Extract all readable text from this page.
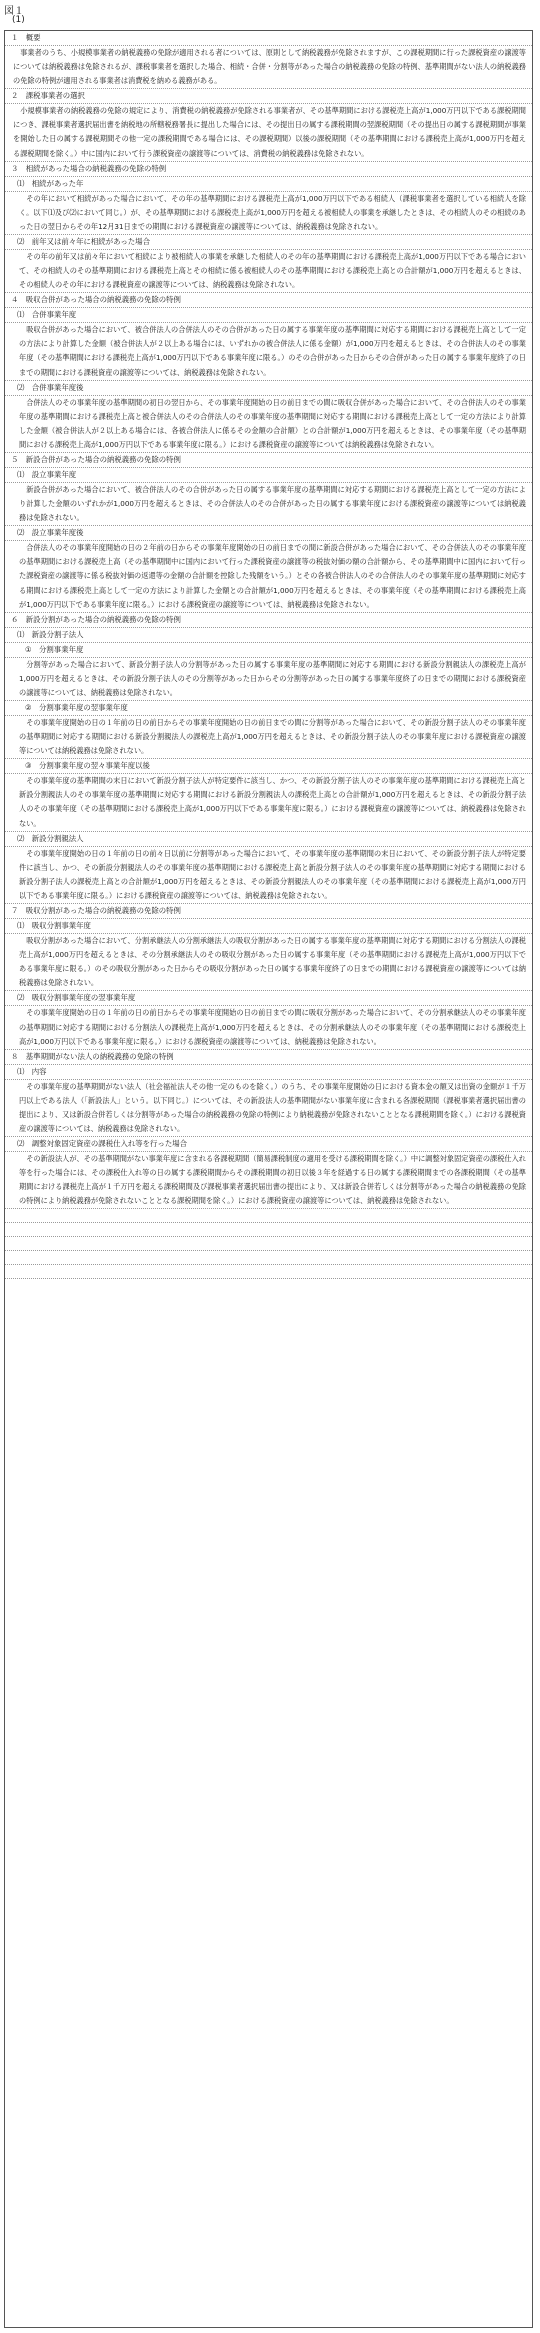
図１
(1)
１　概要
事業者のうち、小規模事業者の納税義務の免除が適用される者については、原則として納税義務が免除されますが、この課税期間に行った課税資産の譲渡等については納税義務は免除されるが、課税事業者を選択した場合、相続・合併・分割等があった場合の納税義務の免除の特例、基準期間がない法人の納税義務の免除の特例が適用される事業者は消費税を納める義務がある。
２　課税事業者の選択
小規模事業者の納税義務の免除の規定により、消費税の納税義務が免除される事業者が、その基準期間における課税売上高が1,000万円以下である課税期間につき、課税事業者選択届出書を納税地の所轄税務署長に提出した場合には、その提出日の属する課税期間の翌課税期間（その提出日の属する課税期間が事業を開始した日の属する課税期間その他一定の課税期間である場合には、その課税期間）以後の課税期間（その基準期間における課税売上高が1,000万円を超える課税期間を除く。）中に国内において行う課税資産の譲渡等については、消費税の納税義務は免除されない。
３　相続があった場合の納税義務の免除の特例
⑴　相続があった年
その年において相続があった場合において、その年の基準期間における課税売上高が1,000万円以下である相続人（課税事業者を選択している相続人を除く。以下⑴及び⑵において同じ。）が、その基準期間における課税売上高が1,000万円を超える被相続人の事業を承継したときは、その相続人のその相続のあった日の翌日からその年12月31日までの期間における課税資産の譲渡等については、納税義務は免除されない。
⑵　前年又は前々年に相続があった場合
その年の前年又は前々年において相続により被相続人の事業を承継した相続人のその年の基準期間における課税売上高が1,000万円以下である場合において、その相続人のその基準期間における課税売上高とその相続に係る被相続人のその基準期間における課税売上高との合計額が1,000万円を超えるときは、その相続人のその年における課税資産の譲渡等については、納税義務は免除されない。
４　吸収合併があった場合の納税義務の免除の特例
⑴　合併事業年度
吸収合併があった場合において、被合併法人の合併法人のその合併があった日の属する事業年度の基準期間に対応する期間における課税売上高として一定の方法により計算した金額（被合併法人が２以上ある場合には、いずれかの被合併法人に係る金額）が1,000万円を超えるときは、その合併法人のその事業年度（その基準期間における課税売上高が1,000万円以下である事業年度に限る。）のその合併があった日からその合併があった日の属する事業年度終了の日までの期間における課税資産の譲渡等については、納税義務は免除されない。
⑵　合併事業年度後
合併法人のその事業年度の基準期間の初日の翌日から、その事業年度開始の日の前日までの間に吸収合併があった場合において、その合併法人のその事業年度の基準期間における課税売上高と被合併法人のその合併法人のその事業年度の基準期間に対応する期間における課税売上高として一定の方法により計算した金額（被合併法人が２以上ある場合には、各被合併法人に係るその金額の合計額）との合計額が1,000万円を超えるときは、その事業年度（その基準期間における課税売上高が1,000万円以下である事業年度に限る。）における課税資産の譲渡等については納税義務は免除されない。
５　新設合併があった場合の納税義務の免除の特例
⑴　設立事業年度
新設合併があった場合において、被合併法人のその合併があった日の属する事業年度の基準期間に対応する期間における課税売上高として一定の方法により計算した金額のいずれかが1,000万円を超えるときは、その合併法人のその合併があった日の属する事業年度における課税資産の譲渡等については納税義務は免除されない。
⑵　設立事業年度後
合併法人のその事業年度開始の日の２年前の日からその事業年度開始の日の前日までの間に新設合併があった場合において、その合併法人のその事業年度の基準期間における課税売上高（その基準期間中に国内において行った課税資産の譲渡等の税抜対価の額の合計額から、その基準期間中に国内において行った課税資産の譲渡等に係る税抜対価の返還等の金額の合計額を控除した残額をいう。）とその各被合併法人のその合併法人のその事業年度の基準期間に対応する期間における課税売上高として一定の方法により計算した金額との合計額が1,000万円を超えるときは、その事業年度（その基準期間における課税売上高が1,000万円以下である事業年度に限る。）における課税資産の譲渡等については、納税義務は免除されない。
６　新設分割があった場合の納税義務の免除の特例
⑴　新設分割子法人
①　分割事業年度
分割等があった場合において、新設分割子法人の分割等があった日の属する事業年度の基準期間に対応する期間における新設分割親法人の課税売上高が1,000万円を超えるときは、その新設分割子法人のその分割等があった日からその分割等があった日の属する事業年度終了の日までの期間における課税資産の譲渡等については、納税義務は免除されない。
②　分割事業年度の翌事業年度
その事業年度開始の日の１年前の日の前日からその事業年度開始の日の前日までの間に分割等があった場合において、その新設分割子法人のその事業年度の基準期間に対応する期間における新設分割親法人の課税売上高が1,000万円を超えるときは、その新設分割子法人のその事業年度における課税資産の譲渡等については納税義務は免除されない。
③　分割事業年度の翌々事業年度以後
その事業年度の基準期間の末日において新設分割子法人が特定要件に該当し、かつ、その新設分割子法人のその事業年度の基準期間における課税売上高と新設分割親法人のその事業年度の基準期間に対応する期間における新設分割親法人の課税売上高との合計額が1,000万円を超えるときは、その新設分割子法人のその事業年度（その基準期間における課税売上高が1,000万円以下である事業年度に限る。）における課税資産の譲渡等については、納税義務は免除されない。
⑵　新設分割親法人
その事業年度開始の日の１年前の日の前々日以前に分割等があった場合において、その事業年度の基準期間の末日において、その新設分割子法人が特定要件に該当し、かつ、その新設分割親法人のその事業年度の基準期間における課税売上高と新設分割子法人のその事業年度の基準期間に対応する期間における新設分割子法人の課税売上高との合計額が1,000万円を超えるときは、その新設分割親法人のその事業年度（その基準期間における課税売上高が1,000万円以下である事業年度に限る。）における課税資産の譲渡等については、納税義務は免除されない。
７　吸収分割があった場合の納税義務の免除の特例
⑴　吸収分割事業年度
吸収分割があった場合において、分割承継法人の分割承継法人の吸収分割があった日の属する事業年度の基準期間に対応する期間における分割法人の課税売上高が1,000万円を超えるときは、その分割承継法人のその吸収分割があった日の属する事業年度（その基準期間における課税売上高が1,000万円以下である事業年度に限る。）のその吸収分割があった日からその吸収分割があった日の属する事業年度終了の日までの期間における課税資産の譲渡等については納税義務は免除されない。
⑵　吸収分割事業年度の翌事業年度
その事業年度開始の日の１年前の日の前日からその事業年度開始の日の前日までの間に吸収分割があった場合において、その分割承継法人のその事業年度の基準期間に対応する期間における分割法人の課税売上高が1,000万円を超えるときは、その分割承継法人のその事業年度（その基準期間における課税売上高が1,000万円以下である事業年度に限る。）における課税資産の譲渡等については、納税義務は免除されない。
８　基準期間がない法人の納税義務の免除の特例
⑴　内容
その事業年度の基準期間がない法人（社会福祉法人その他一定のものを除く。）のうち、その事業年度開始の日における資本金の額又は出資の金額が１千万円以上である法人（「新設法人」という。以下同じ。）については、その新設法人の基準期間がない事業年度に含まれる各課税期間（課税事業者選択届出書の提出により、又は新設合併若しくは分割等があった場合の納税義務の免除の特例により納税義務が免除されないこととなる課税期間を除く。）における課税資産の譲渡等については、納税義務は免除されない。
⑵　調整対象固定資産の課税仕入れ等を行った場合
その新設法人が、その基準期間がない事業年度に含まれる各課税期間（簡易課税制度の適用を受ける課税期間を除く。）中に調整対象固定資産の課税仕入れ等を行った場合には、その課税仕入れ等の日の属する課税期間からその課税期間の初日以後３年を経過する日の属する課税期間までの各課税期間（その基準期間における課税売上高が１千万円を超える課税期間及び課税事業者選択届出書の提出により、又は新設合併若しくは分割等があった場合の納税義務の免除の特例により納税義務が免除されないこととなる課税期間を除く。）における課税資産の譲渡等については、納税義務は免除されない。
